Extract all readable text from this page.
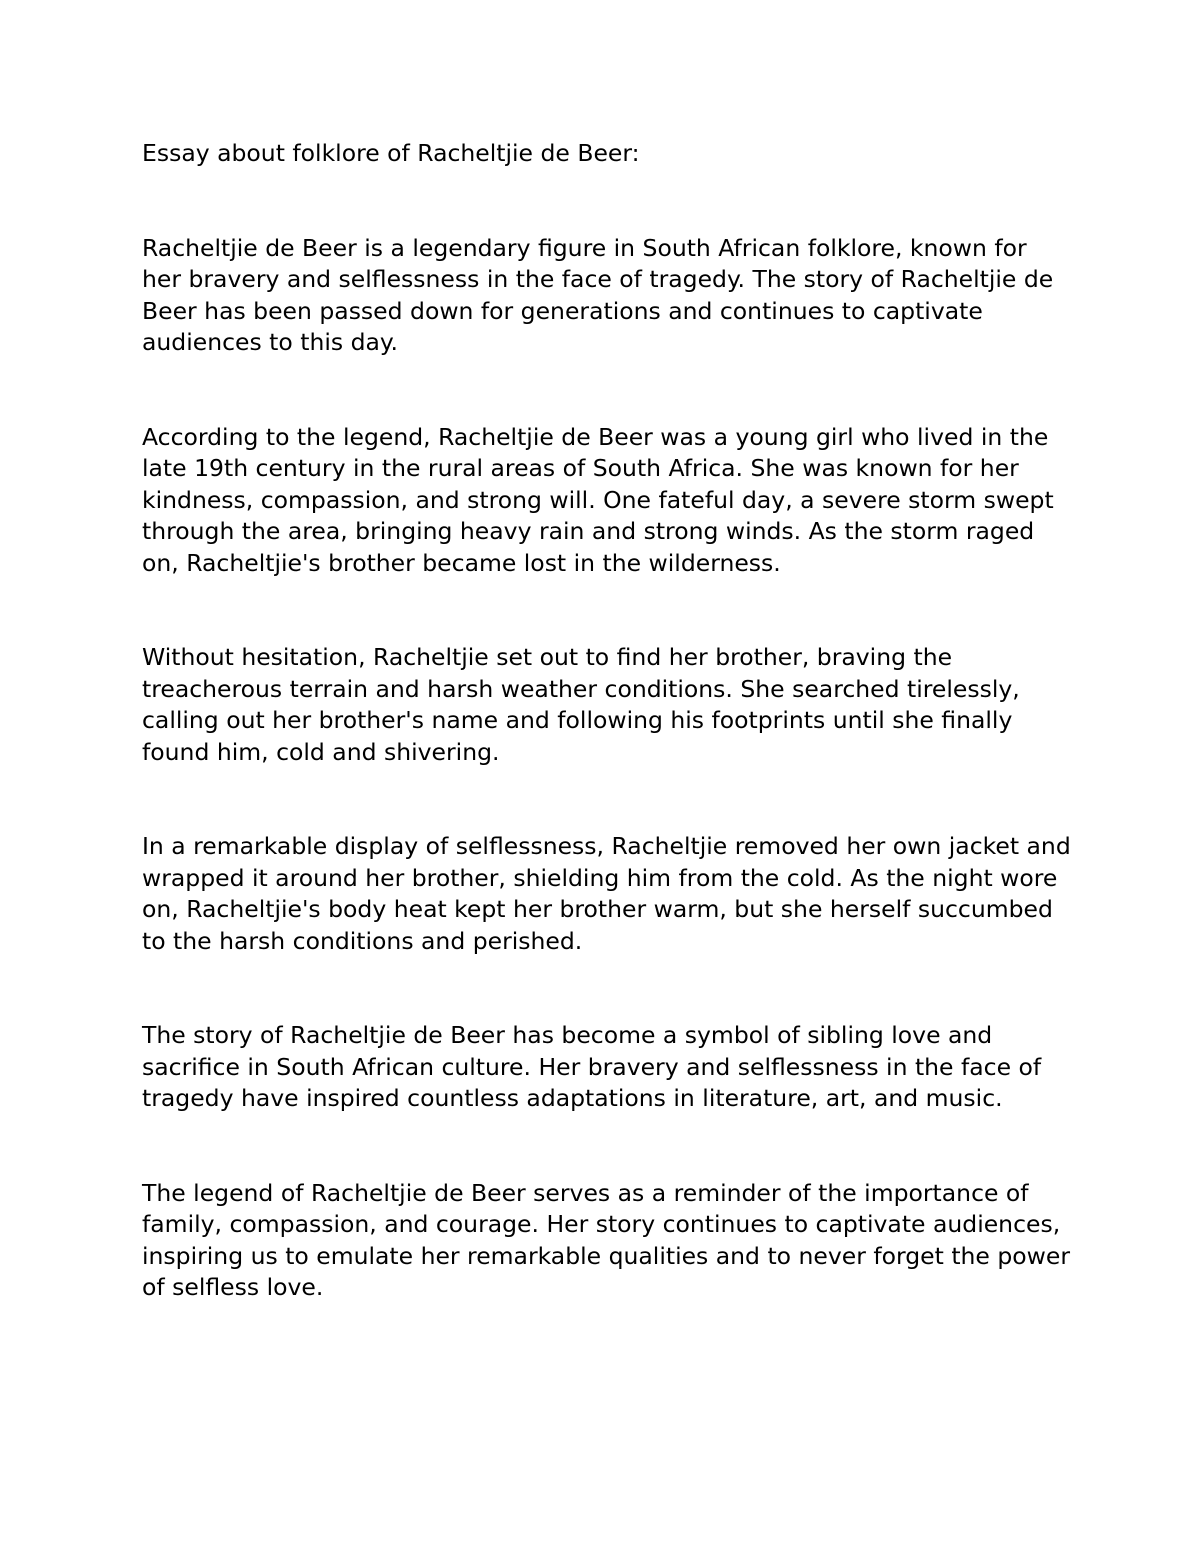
Essay about folklore of Racheltjie de Beer:

Racheltjie de Beer is a legendary figure in South African folklore, known for her bravery and selflessness in the face of tragedy. The story of Racheltjie de Beer has been passed down for generations and continues to captivate audiences to this day.

According to the legend, Racheltjie de Beer was a young girl who lived in the late 19th century in the rural areas of South Africa. She was known for her kindness, compassion, and strong will. One fateful day, a severe storm swept through the area, bringing heavy rain and strong winds. As the storm raged on, Racheltjie's brother became lost in the wilderness.

Without hesitation, Racheltjie set out to find her brother, braving the treacherous terrain and harsh weather conditions. She searched tirelessly, calling out her brother's name and following his footprints until she finally found him, cold and shivering.

In a remarkable display of selflessness, Racheltjie removed her own jacket and wrapped it around her brother, shielding him from the cold. As the night wore on, Racheltjie's body heat kept her brother warm, but she herself succumbed to the harsh conditions and perished.

The story of Racheltjie de Beer has become a symbol of sibling love and sacrifice in South African culture. Her bravery and selflessness in the face of tragedy have inspired countless adaptations in literature, art, and music.

The legend of Racheltjie de Beer serves as a reminder of the importance of family, compassion, and courage. Her story continues to captivate audiences, inspiring us to emulate her remarkable qualities and to never forget the power of selfless love.
